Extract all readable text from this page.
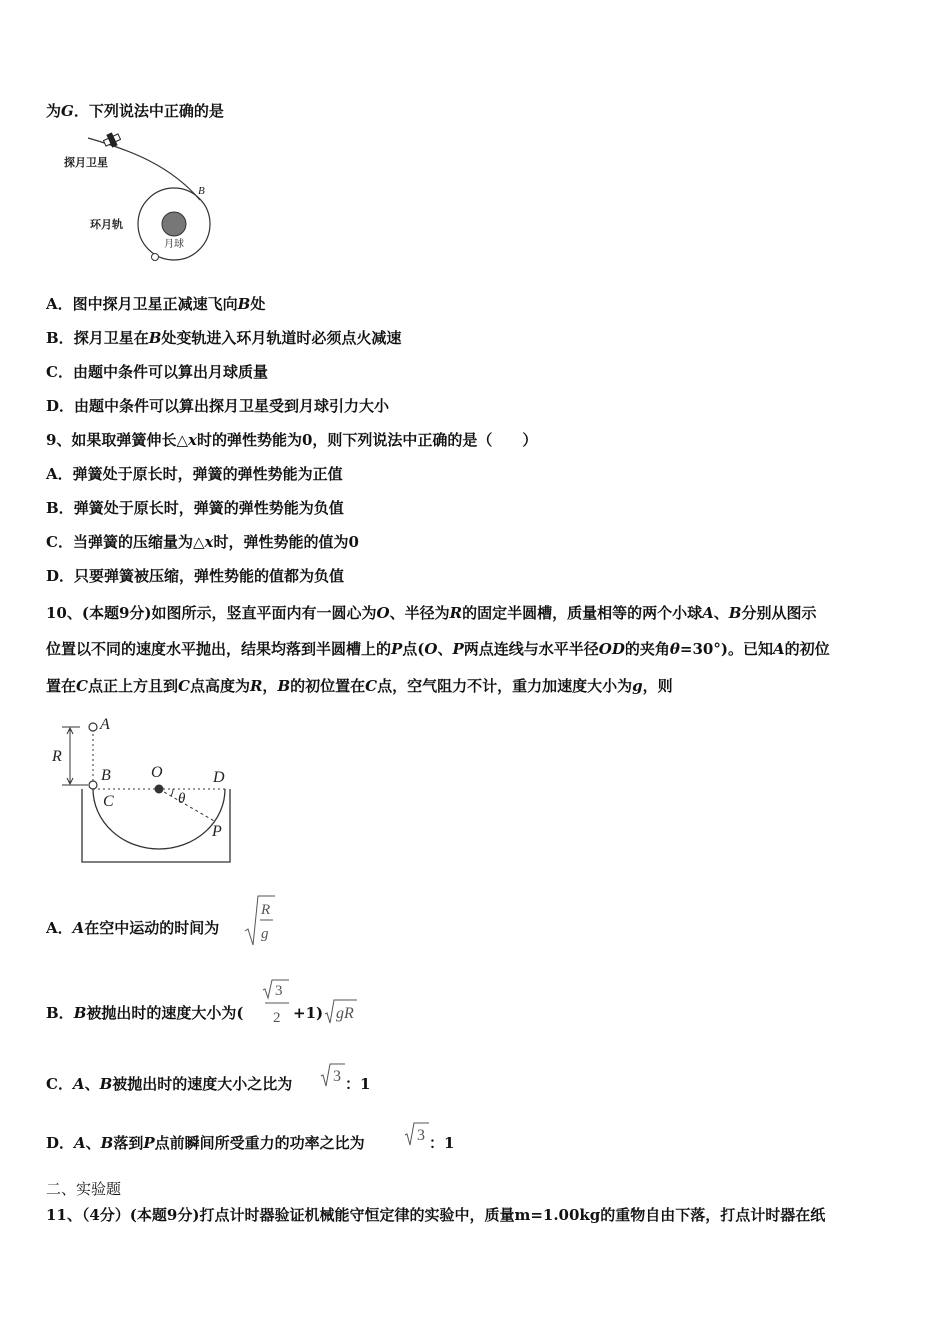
为G．下列说法中正确的是
探月卫星
B
环月轨
月球
A．图中探月卫星正减速飞向B处
B．探月卫星在B处变轨进入环月轨道时必须点火减速
C．由题中条件可以算出月球质量
D．由题中条件可以算出探月卫星受到月球引力大小
9、如果取弹簧伸长△x时的弹性势能为0，则下列说法中正确的是（　　）
A．弹簧处于原长时，弹簧的弹性势能为正值
B．弹簧处于原长时，弹簧的弹性势能为负值
C．当弹簧的压缩量为△x时，弹性势能的值为0
D．只要弹簧被压缩，弹性势能的值都为负值
10、(本题9分)如图所示，竖直平面内有一圆心为O、半径为R的固定半圆槽，质量相等的两个小球A、B分别从图示
位置以不同的速度水平抛出，结果均落到半圆槽上的P点(O、P两点连线与水平半径OD的夹角θ=30°)。已知A的初位
置在C点正上方且到C点高度为R，B的初位置在C点，空气阻力不计，重力加速度大小为g，则
A
R
B
C
O	D
θ
P
A．A在空中运动的时间为
R
g
B．B被抛出时的速度大小为(
3
2 +1) gR
C．A、B被抛出时的速度大小之比为	3 ：1
D．A、B落到P点前瞬间所受重力的功率之比为	3 ：1
二、实验题
11、（4分）(本题9分)打点计时器验证机械能守恒定律的实验中，质量m=1.00kg的重物自由下落，打点计时器在纸
